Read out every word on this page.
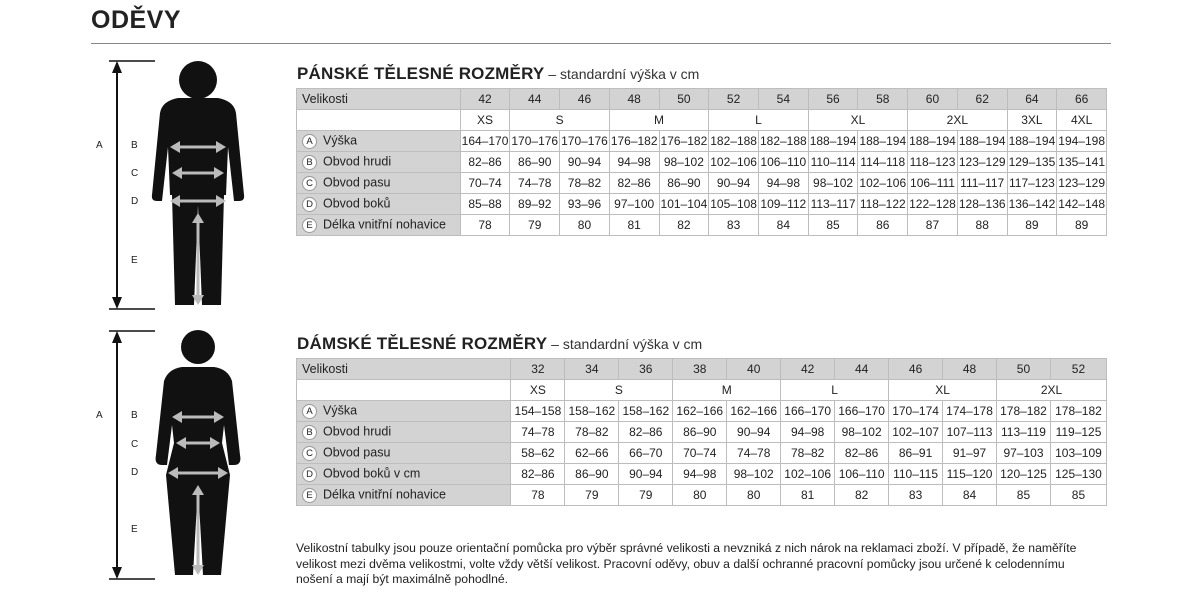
ODĚVY
A	B
C
D
E
A	B
C
D
E
PÁNSKÉ TĚLESNÉ ROZMĚRY – standardní výška v cm
Velikosti	42	44	46	48	50	52	54	56	58	60	62	64	66
	XS	S		M		L		XL		2XL		3XL	4XL
A Výška	164–170	170–176	170–176	176–182	176–182	182–188	182–188	188–194	188–194	188–194	188–194	188–194	194–198
B Obvod hrudi	82–86	86–90	90–94	94–98	98–102	102–106	106–110	110–114	114–118	118–123	123–129	129–135	135–141
C Obvod pasu	70–74	74–78	78–82	82–86	86–90	90–94	94–98	98–102	102–106	106–111	111–117	117–123	123–129
D Obvod boků	85–88	89–92	93–96	97–100	101–104	105–108	109–112	113–117	118–122	122–128	128–136	136–142	142–148
E Délka vnitřní nohavice	78	79	80	81	82	83	84	85	86	87	88	89	89
DÁMSKÉ TĚLESNÉ ROZMĚRY – standardní výška v cm
Velikosti	32	34	36	38	40	42	44	46	48	50	52
	XS	S		M		L		XL		2XL	
A Výška	154–158	158–162	158–162	162–166	162–166	166–170	166–170	170–174	174–178	178–182	178–182
B Obvod hrudi	74–78	78–82	82–86	86–90	90–94	94–98	98–102	102–107	107–113	113–119	119–125
C Obvod pasu	58–62	62–66	66–70	70–74	74–78	78–82	82–86	86–91	91–97	97–103	103–109
D Obvod boků v cm	82–86	86–90	90–94	94–98	98–102	102–106	106–110	110–115	115–120	120–125	125–130
E Délka vnitřní nohavice	78	79	79	80	80	81	82	83	84	85	85
Velikostní tabulky jsou pouze orientační pomůcka pro výběr správné velikosti a nevzniká z nich nárok na reklamaci zboží. V případě, že naměříte velikost mezi dvěma velikostmi, volte vždy větší velikost. Pracovní oděvy, obuv a další ochranné pracovní pomůcky jsou určené k celodennímu nošení a mají být maximálně pohodlné.
